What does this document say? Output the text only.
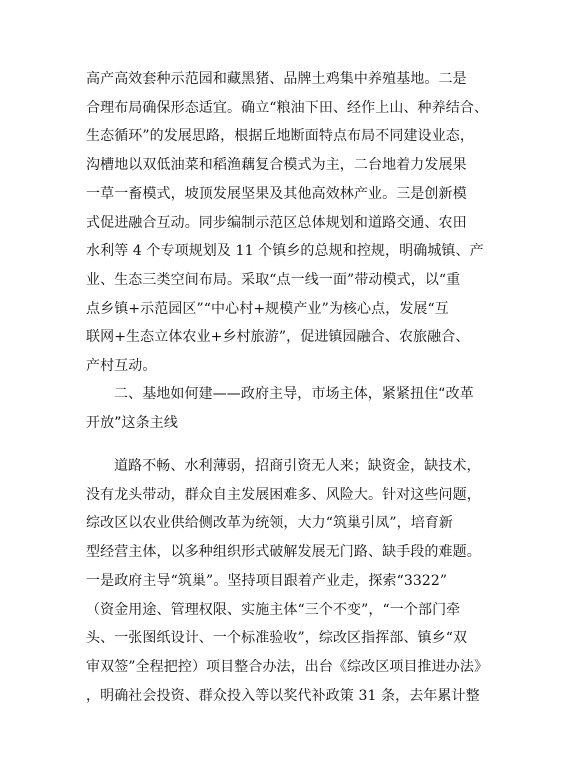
高产高效套种示范园和藏黑猪、品牌土鸡集中养殖基地。二是
合理布局确保形态适宜。确立“粮油下田、经作上山、种养结合、
生态循环”的发展思路，根据丘地断面特点布局不同建设业态，
沟槽地以双低油菜和稻渔藕复合模式为主，二台地着力发展果
一草一畜模式，坡顶发展坚果及其他高效林产业。三是创新模
式促进融合互动。同步编制示范区总体规划和道路交通、农田
水利等 4 个专项规划及 11 个镇乡的总规和控规，明确城镇、产
业、生态三类空间布局。采取“点一线一面”带动模式，以“重
点乡镇+示范园区”“中心村+规模产业”为核心点，发展“互
联网+生态立体农业+乡村旅游”，促进镇园融合、农旅融合、
产村互动。
二、基地如何建——政府主导，市场主体，紧紧扭住“改革
开放”这条主线
道路不畅、水利薄弱，招商引资无人来；缺资金，缺技术，
没有龙头带动，群众自主发展困难多、风险大。针对这些问题，
综改区以农业供给侧改革为统领，大力“筑巢引凤”，培育新
型经营主体，以多种组织形式破解发展无门路、缺手段的难题。
一是政府主导“筑巢”。坚持项目跟着产业走，探索“3322”
（资金用途、管理权限、实施主体“三个不变”，“一个部门牵
头、一张图纸设计、一个标准验收”，综改区指挥部、镇乡“双
审双签”全程把控）项目整合办法，出台《综改区项目推进办法》
，明确社会投资、群众投入等以奖代补政策 31 条，去年累计整
